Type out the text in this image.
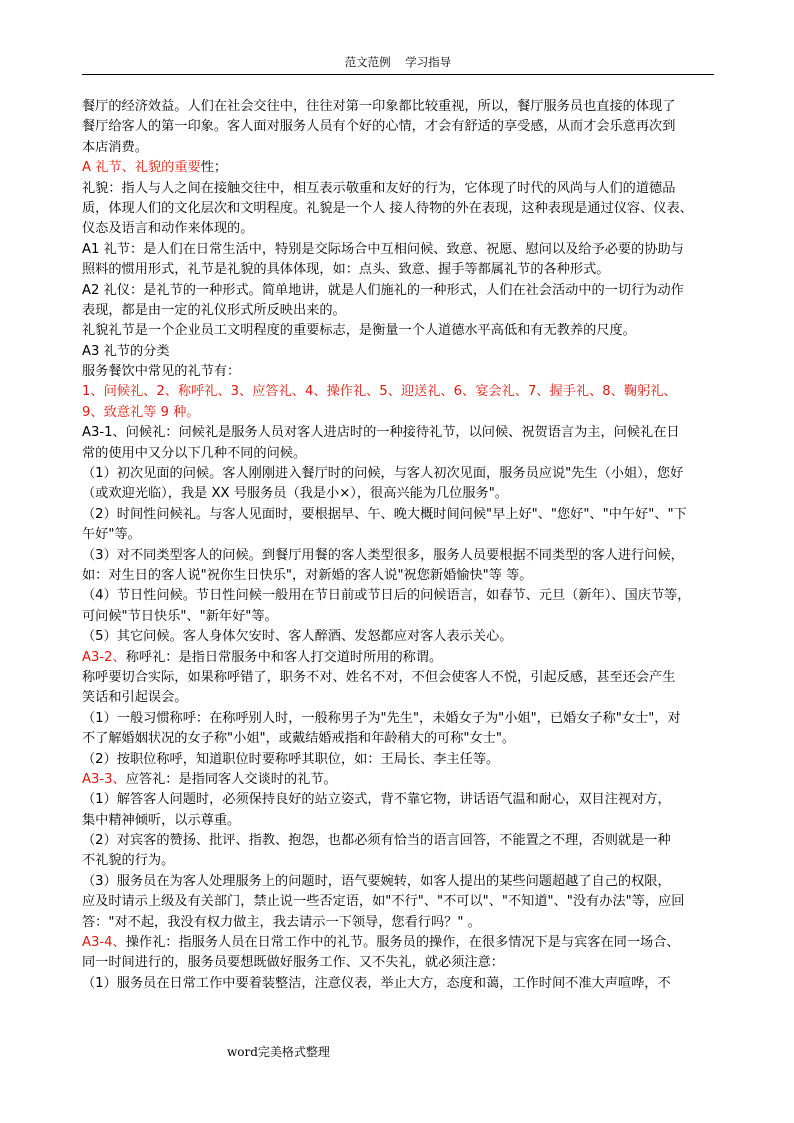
范文范例    学习指导
餐厅的经济效益。人们在社会交往中，往往对第一印象都比较重视，所以，餐厅服务员也直接的体现了
餐厅给客人的第一印象。客人面对服务人员有个好的心情，才会有舒适的享受感，从而才会乐意再次到
本店消费。
A 礼节、礼貌的重要性；
礼貌：指人与人之间在接触交往中，相互表示敬重和友好的行为，它体现了时代的风尚与人们的道德品
质，体现人们的文化层次和文明程度。礼貌是一个人 接人待物的外在表现，这种表现是通过仪容、仪表、
仪态及语言和动作来体现的。
A1 礼节：是人们在日常生活中，特别是交际场合中互相问候、致意、祝愿、慰问以及给予必要的协助与
照料的惯用形式，礼节是礼貌的具体体现，如：点头、致意、握手等都属礼节的各种形式。
A2 礼仪：是礼节的一种形式。简单地讲，就是人们施礼的一种形式，人们在社会活动中的一切行为动作
表现，都是由一定的礼仪形式所反映出来的。
礼貌礼节是一个企业员工文明程度的重要标志，是衡量一个人道德水平高低和有无教养的尺度。
A3 礼节的分类
服务餐饮中常见的礼节有：
1、问候礼、2、称呼礼、3、应答礼、4、操作礼、5、迎送礼、6、宴会礼、7、握手礼、8、鞠躬礼、
9、致意礼等 9 种。
A3-1、问候礼：问候礼是服务人员对客人进店时的一种接待礼节，以问候、祝贺语言为主，问候礼在日
常的使用中又分以下几种不同的问候。
（1）初次见面的问候。客人刚刚进入餐厅时的问候，与客人初次见面，服务员应说"先生（小姐），您好
（或欢迎光临），我是 XX 号服务员（我是小×），很高兴能为几位服务"。
（2）时间性问候礼。与客人见面时，要根据早、午、晚大概时间问候"早上好"、"您好"、"中午好"、"下
午好"等。
（3）对不同类型客人的问候。到餐厅用餐的客人类型很多，服务人员要根据不同类型的客人进行问候，
如：对生日的客人说"祝你生日快乐"，对新婚的客人说"祝您新婚愉快"等 等。
（4）节日性问候。节日性问候一般用在节日前或节日后的问候语言，如春节、元旦（新年）、国庆节等，
可问候"节日快乐"、"新年好"等。
（5）其它问候。客人身体欠安时、客人醉酒、发怒都应对客人表示关心。
A3-2、称呼礼：是指日常服务中和客人打交道时所用的称谓。
称呼要切合实际，如果称呼错了，职务不对、姓名不对，不但会使客人不悦，引起反感，甚至还会产生
笑话和引起误会。
（1）一般习惯称呼：在称呼别人时，一般称男子为"先生"，未婚女子为"小姐"，已婚女子称"女士"，对
不了解婚姻状况的女子称"小姐"，或戴结婚戒指和年龄稍大的可称"女士"。
（2）按职位称呼，知道职位时要称呼其职位，如：王局长、李主任等。
A3-3、应答礼：是指同客人交谈时的礼节。
（1）解答客人问题时，必须保持良好的站立姿式，背不靠它物，讲话语气温和耐心，双目注视对方，
集中精神倾听，以示尊重。
（2）对宾客的赞扬、批评、指教、抱怨，也都必须有恰当的语言回答，不能置之不理，否则就是一种
不礼貌的行为。
（3）服务员在为客人处理服务上的问题时，语气要婉转，如客人提出的某些问题超越了自己的权限，
应及时请示上级及有关部门，禁止说一些否定语，如"不行"、"不可以"、"不知道"、"没有办法"等，应回
答："对不起，我没有权力做主，我去请示一下领导，您看行吗？" 。
A3-4、操作礼：指服务人员在日常工作中的礼节。服务员的操作，在很多情况下是与宾客在同一场合、
同一时间进行的，服务员要想既做好服务工作、又不失礼，就必须注意：
（1）服务员在日常工作中要着装整洁，注意仪表，举止大方，态度和蔼，工作时间不准大声喧哗，不
word完美格式整理
